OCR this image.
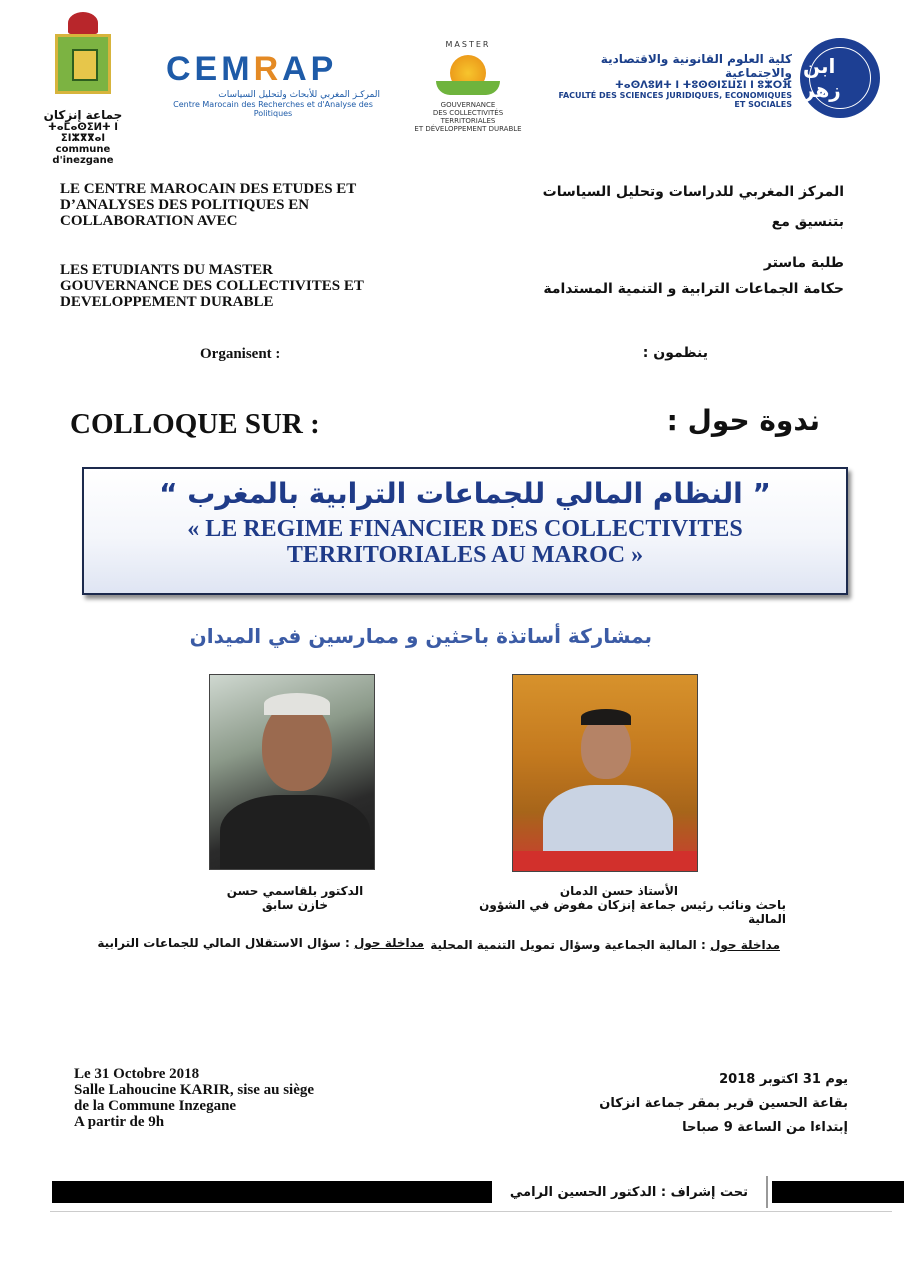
جماعة إنزكان
ⵜⴰⵎⴰⵙⵉⵍⵜ ⵏ ⵉⵏⵣⴳⴳⴰⵏ
commune d'inezgane
CEMRAP
المركـز المغربي للأبحاث ولتحليل السياسات
Centre Marocain des Recherches et d'Analyse des Politiques
MASTER
GOUVERNANCE
DES COLLECTIVITÉS TERRITORIALES
ET DÉVELOPPEMENT DURABLE
كلية العلوم القانونية والاقتصادية والاجتماعية
ⵜⴰⵙⴷⵓⵍⵜ ⵏ ⵜⵓⵙⵙⵏⵉⵡⵉⵏ ⵏ ⵓⵣⵔⴼ
FACULTÉ DES SCIENCES JURIDIQUES, ECONOMIQUES ET SOCIALES
ابن زهر
LE CENTRE MAROCAIN DES ETUDES ET
D’ANALYSES DES POLITIQUES EN
COLLABORATION AVEC
LES ETUDIANTS DU MASTER
GOUVERNANCE DES COLLECTIVITES ET
DEVELOPPEMENT DURABLE
Organisent :
المركز المغربي للدراسات وتحليل السياسات
بتنسيق مع
طلبة ماستر
حكامة الجماعات الترابية و التنمية المستدامة
ينظمون :
COLLOQUE SUR :	ندوة حول :
” النظام المالي للجماعات الترابية بالمغرب “
« LE REGIME FINANCIER DES COLLECTIVITES
TERRITORIALES AU MAROC »
بمشاركة أساتذة باحثين و ممارسين في الميدان
الدكتور بلقاسمي حسن
خازن سابق
الأستاذ حسن الدمان
باحث ونائب رئيس جماعة إنزكان مفوض في الشؤون المالية
مداخلة حول : سؤال الاستقلال المالي للجماعات الترابية	مداخلة حول : المالية الجماعية وسؤال تمويل التنمية المحلية
Le 31 Octobre 2018
Salle Lahoucine KARIR, sise au siège
de la Commune Inzegane
A partir de 9h
يوم 31 اكتوبر 2018
بقاعة الحسين قرير بمقر جماعة انزكان
إبتداءا من الساعة 9 صباحا
تحت إشراف : الدكتور الحسين الرامي
